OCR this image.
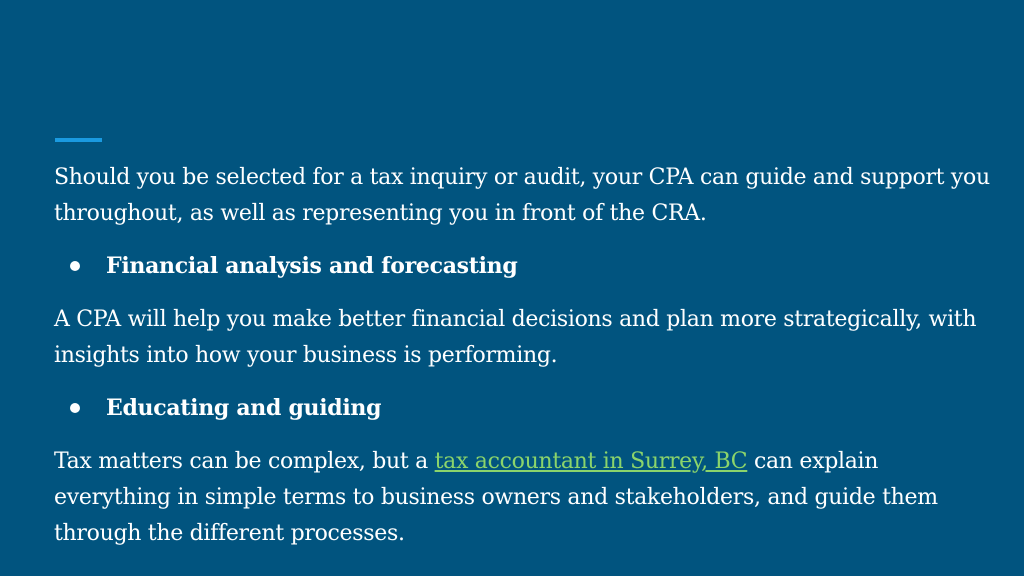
Should you be selected for a tax inquiry or audit, your CPA can guide and support you throughout, as well as representing you in front of the CRA.

Financial analysis and forecasting

A CPA will help you make better financial decisions and plan more strategically, with insights into how your business is performing.

Educating and guiding

Tax matters can be complex, but a tax accountant in Surrey, BC can explain everything in simple terms to business owners and stakeholders, and guide them through the different processes.
